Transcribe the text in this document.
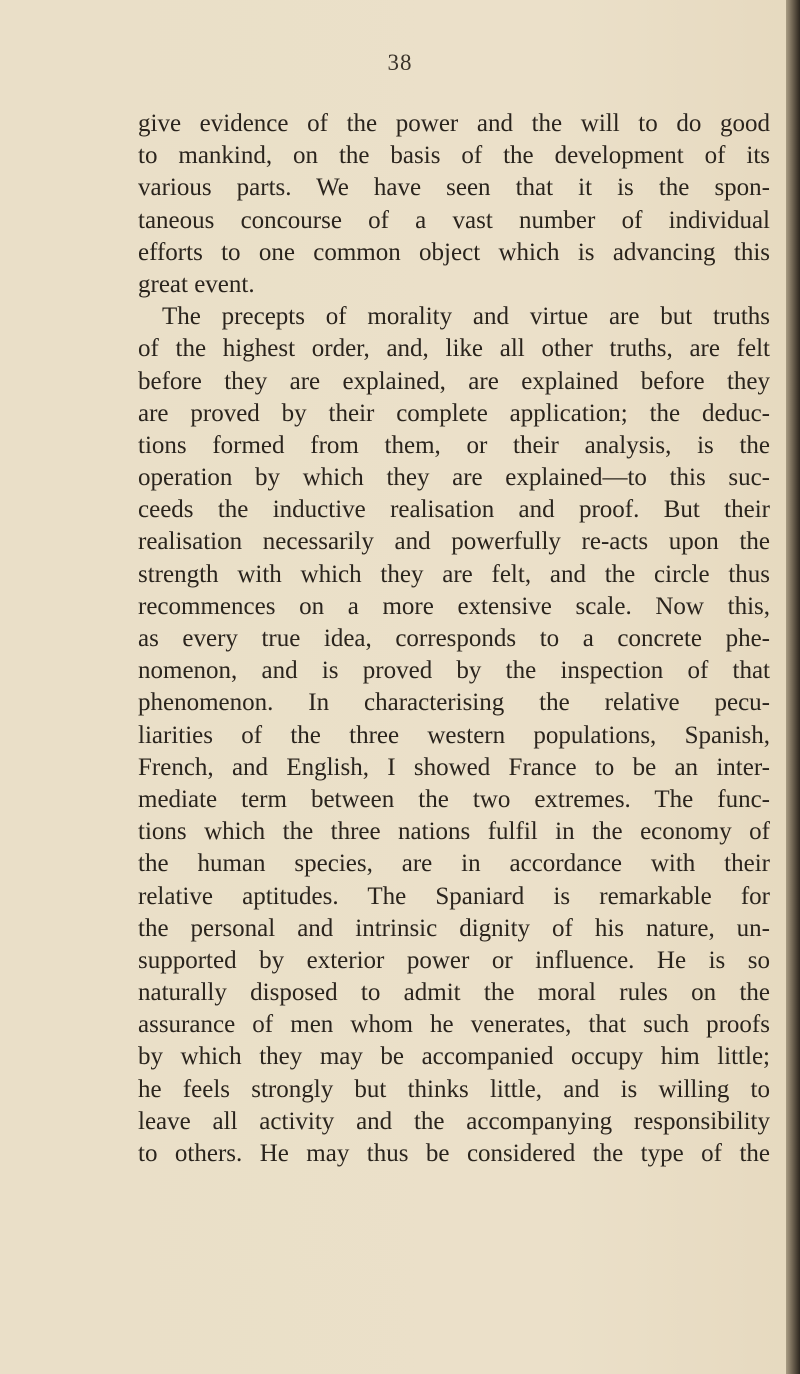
38
give evidence of the power and the will to do good
to mankind, on the basis of the development of its
various parts. We have seen that it is the spon-
taneous concourse of a vast number of individual
efforts to one common object which is advancing this
great event.
The precepts of morality and virtue are but truths
of the highest order, and, like all other truths, are felt
before they are explained, are explained before they
are proved by their complete application; the deduc-
tions formed from them, or their analysis, is the
operation by which they are explained—to this suc-
ceeds the inductive realisation and proof. But their
realisation necessarily and powerfully re-acts upon the
strength with which they are felt, and the circle thus
recommences on a more extensive scale. Now this,
as every true idea, corresponds to a concrete phe-
nomenon, and is proved by the inspection of that
phenomenon. In characterising the relative pecu-
liarities of the three western populations, Spanish,
French, and English, I showed France to be an inter-
mediate term between the two extremes. The func-
tions which the three nations fulfil in the economy of
the human species, are in accordance with their
relative aptitudes. The Spaniard is remarkable for
the personal and intrinsic dignity of his nature, un-
supported by exterior power or influence. He is so
naturally disposed to admit the moral rules on the
assurance of men whom he venerates, that such proofs
by which they may be accompanied occupy him little;
he feels strongly but thinks little, and is willing to
leave all activity and the accompanying responsibility
to others. He may thus be considered the type of the
